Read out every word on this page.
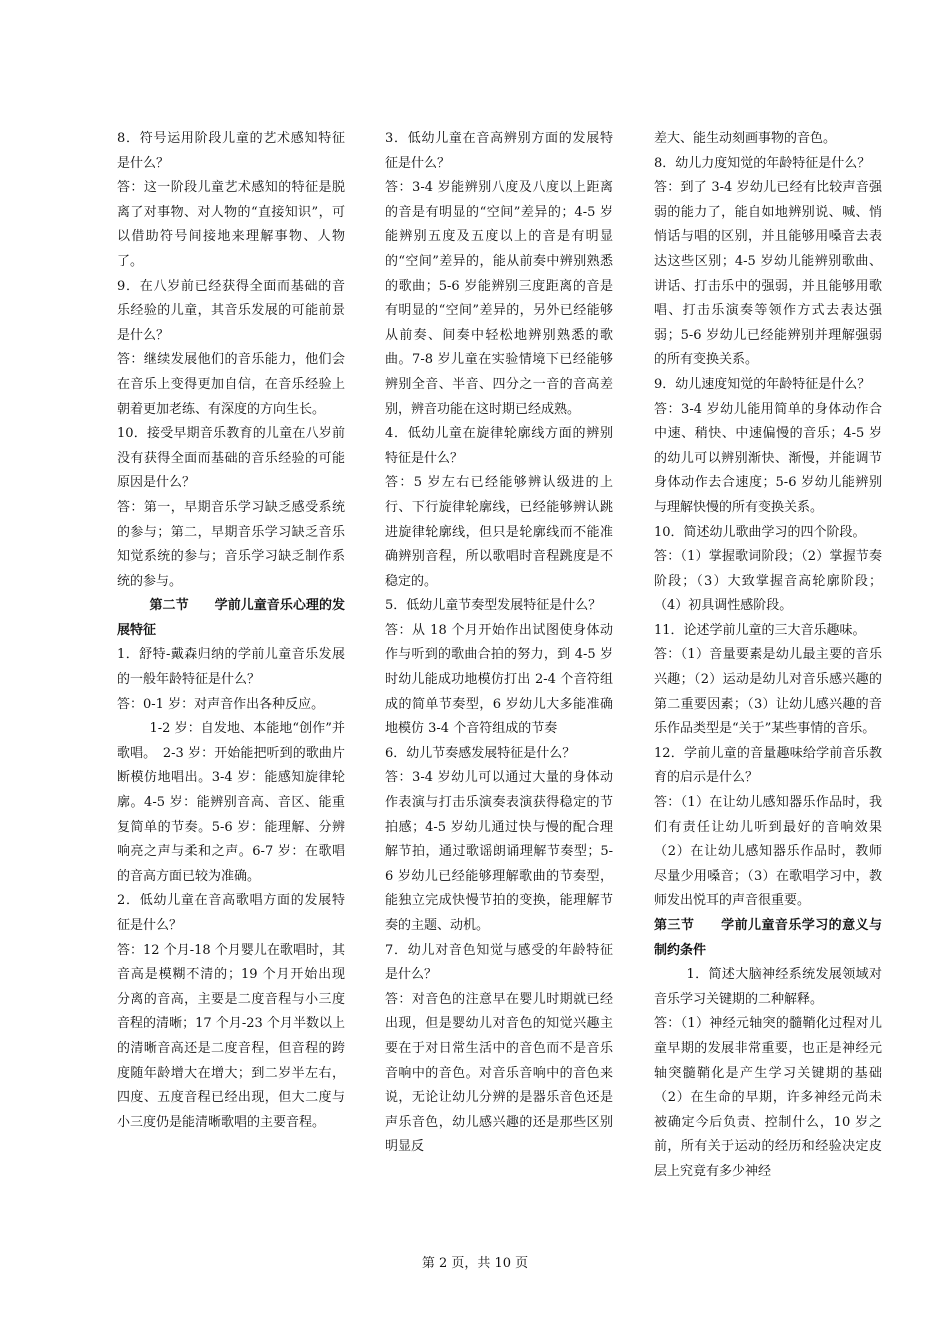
8．符号运用阶段儿童的艺术感知特征是什么？

答：这一阶段儿童艺术感知的特征是脱离了对事物、对人物的“直接知识”，可以借助符号间接地来理解事物、人物了。

9．在八岁前已经获得全面而基础的音乐经验的儿童，其音乐发展的可能前景是什么？

答：继续发展他们的音乐能力，他们会在音乐上变得更加自信，在音乐经验上朝着更加老练、有深度的方向生长。

10．接受早期音乐教育的儿童在八岁前没有获得全面而基础的音乐经验的可能原因是什么？

答：第一，早期音乐学习缺乏感受系统的参与；第二，早期音乐学习缺乏音乐知觉系统的参与；音乐学习缺乏制作系统的参与。

第二节　　学前儿童音乐心理的发展特征

1．舒特-戴森归纳的学前儿童音乐发展的一般年龄特征是什么？

答：0-1 岁：对声音作出各种反应。

1-2 岁：自发地、本能地“创作”并歌唱。　2-3 岁：开始能把听到的歌曲片断模仿地唱出。3-4 岁：能感知旋律轮廓。4-5 岁：能辨别音高、音区、能重复简单的节奏。5-6 岁：能理解、分辨响亮之声与柔和之声。6-7 岁：在歌唱的音高方面已较为准确。

2．低幼儿童在音高歌唱方面的发展特征是什么？

答：12 个月-18 个月婴儿在歌唱时，其音高是模糊不清的；19 个月开始出现分离的音高，主要是二度音程与小三度音程的清晰；17 个月-23 个月半数以上的清晰音高还是二度音程，但音程的跨度随年龄增大在增大；到二岁半左右，四度、五度音程已经出现，但大二度与小三度仍是能清晰歌唱的主要音程。

3．低幼儿童在音高辨别方面的发展特征是什么？

答：3-4 岁能辨别八度及八度以上距离的音是有明显的“空间”差异的；4-5 岁能辨别五度及五度以上的音是有明显的“空间”差异的，能从前奏中辨别熟悉的歌曲；5-6 岁能辨别三度距离的音是有明显的“空间”差异的，另外已经能够从前奏、间奏中轻松地辨别熟悉的歌曲。7-8 岁儿童在实验情境下已经能够辨别全音、半音、四分之一音的音高差别，辨音功能在这时期已经成熟。

4．低幼儿童在旋律轮廓线方面的辨别特征是什么？

答：5 岁左右已经能够辨认级进的上行、下行旋律轮廓线，已经能够辨认跳进旋律轮廓线，但只是轮廓线而不能准确辨别音程，所以歌唱时音程跳度是不稳定的。

5．低幼儿童节奏型发展特征是什么？

答：从 18 个月开始作出试图使身体动作与听到的歌曲合拍的努力，到 4-5 岁时幼儿能成功地模仿打出 2-4 个音符组成的简单节奏型，6 岁幼儿大多能准确地模仿 3-4 个音符组成的节奏

6．幼儿节奏感发展特征是什么？

答：3-4 岁幼儿可以通过大量的身体动作表演与打击乐演奏表演获得稳定的节拍感；4-5 岁幼儿通过快与慢的配合理解节拍，通过歌谣朗诵理解节奏型；5-6 岁幼儿已经能够理解歌曲的节奏型，能独立完成快慢节拍的变换，能理解节奏的主题、动机。

7．幼儿对音色知觉与感受的年龄特征是什么？

答：对音色的注意早在婴儿时期就已经出现，但是婴幼儿对音色的知觉兴趣主要在于对日常生活中的音色而不是音乐音响中的音色。对音乐音响中的音色来说，无论让幼儿分辨的是器乐音色还是声乐音色，幼儿感兴趣的还是那些区别明显反

差大、能生动刻画事物的音色。

8．幼儿力度知觉的年龄特征是什么？

答：到了 3-4 岁幼儿已经有比较声音强弱的能力了，能自如地辨别说、喊、悄悄话与唱的区别，并且能够用嗓音去表达这些区别；4-5 岁幼儿能辨别歌曲、讲话、打击乐中的强弱，并且能够用歌唱、打击乐演奏等领作方式去表达强弱；5-6 岁幼儿已经能辨别并理解强弱的所有变换关系。

9．幼儿速度知觉的年龄特征是什么？

答：3-4 岁幼儿能用简单的身体动作合中速、稍快、中速偏慢的音乐；4-5 岁的幼儿可以辨别渐快、渐慢，并能调节身体动作去合速度；5-6 岁幼儿能辨别与理解快慢的所有变换关系。

10．简述幼儿歌曲学习的四个阶段。

答：（1）掌握歌词阶段；（2）掌握节奏阶段；（3）大致掌握音高轮廓阶段；（4）初具调性感阶段。

11．论述学前儿童的三大音乐趣味。

答：（1）音量要素是幼儿最主要的音乐兴趣；（2）运动是幼儿对音乐感兴趣的第二重要因素；（3）让幼儿感兴趣的音乐作品类型是“关于”某些事情的音乐。

12．学前儿童的音量趣味给学前音乐教育的启示是什么？

答：（1）在让幼儿感知器乐作品时，我们有责任让幼儿听到最好的音响效果（2）在让幼儿感知器乐作品时，教师尽量少用嗓音；（3）在歌唱学习中，教师发出悦耳的声音很重要。

第三节　　学前儿童音乐学习的意义与制约条件

1．简述大脑神经系统发展领域对音乐学习关键期的二种解释。

答：（1）神经元轴突的髓鞘化过程对儿童早期的发展非常重要，也正是神经元轴突髓鞘化是产生学习关键期的基础（2）在生命的早期，许多神经元尚未被确定今后负责、控制什么，10 岁之前，所有关于运动的经历和经验决定皮层上究竟有多少神经

第 2 页，共 10 页
